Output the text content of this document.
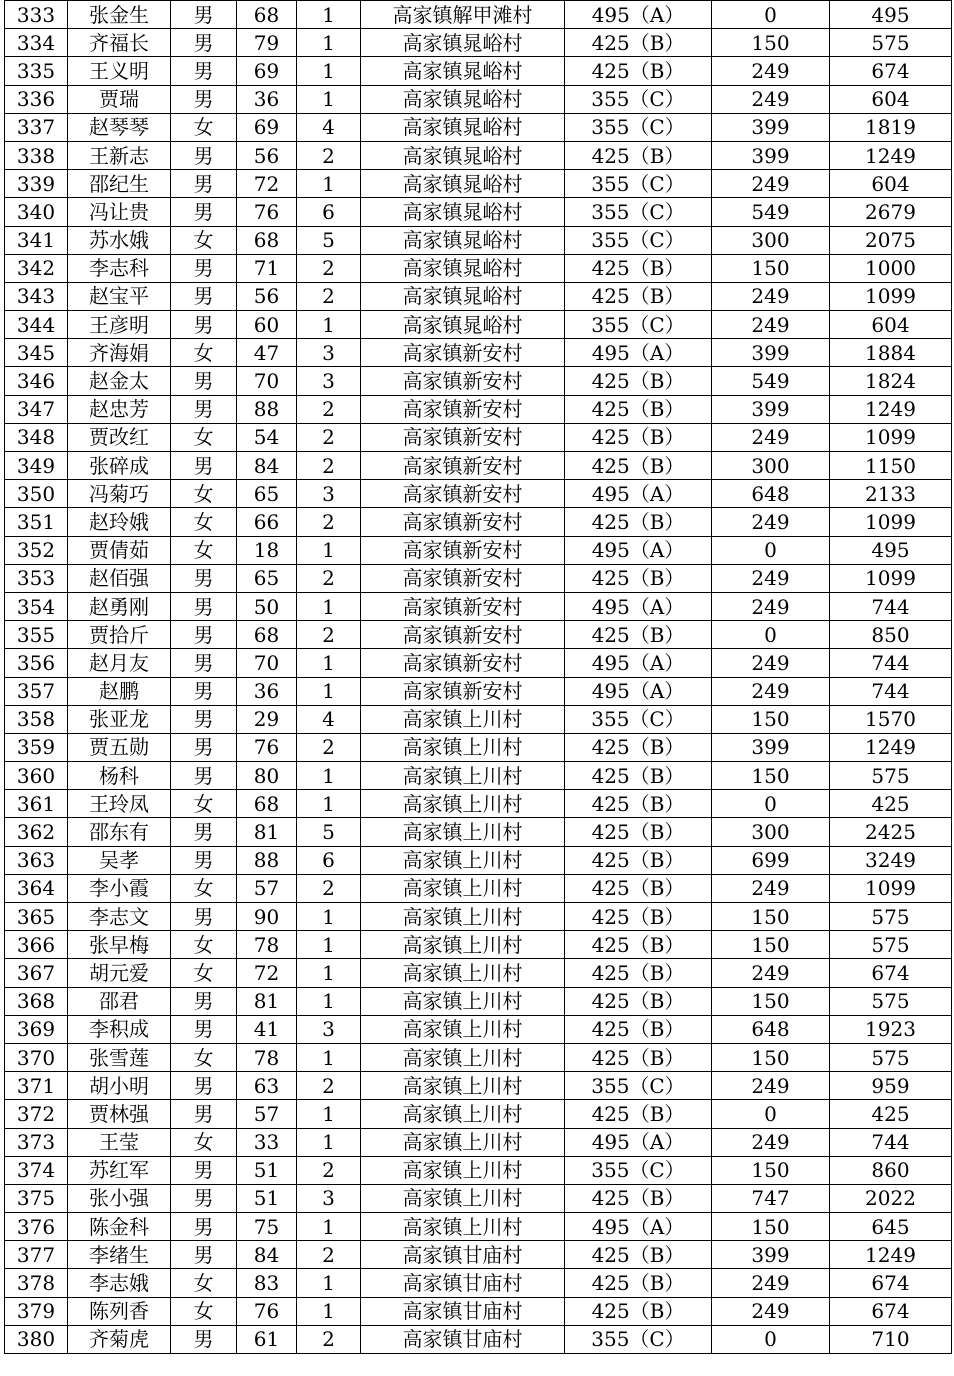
333	张金生	男	68	1	高家镇解甲滩村	495（A）	0	495
334	齐福长	男	79	1	高家镇晁峪村	425（B）	150	575
335	王义明	男	69	1	高家镇晁峪村	425（B）	249	674
336	贾瑞	男	36	1	高家镇晁峪村	355（C）	249	604
337	赵琴琴	女	69	4	高家镇晁峪村	355（C）	399	1819
338	王新志	男	56	2	高家镇晁峪村	425（B）	399	1249
339	邵纪生	男	72	1	高家镇晁峪村	355（C）	249	604
340	冯让贵	男	76	6	高家镇晁峪村	355（C）	549	2679
341	苏水娥	女	68	5	高家镇晁峪村	355（C）	300	2075
342	李志科	男	71	2	高家镇晁峪村	425（B）	150	1000
343	赵宝平	男	56	2	高家镇晁峪村	425（B）	249	1099
344	王彦明	男	60	1	高家镇晁峪村	355（C）	249	604
345	齐海娟	女	47	3	高家镇新安村	495（A）	399	1884
346	赵金太	男	70	3	高家镇新安村	425（B）	549	1824
347	赵忠芳	男	88	2	高家镇新安村	425（B）	399	1249
348	贾改红	女	54	2	高家镇新安村	425（B）	249	1099
349	张碎成	男	84	2	高家镇新安村	425（B）	300	1150
350	冯菊巧	女	65	3	高家镇新安村	495（A）	648	2133
351	赵玲娥	女	66	2	高家镇新安村	425（B）	249	1099
352	贾倩茹	女	18	1	高家镇新安村	495（A）	0	495
353	赵佰强	男	65	2	高家镇新安村	425（B）	249	1099
354	赵勇刚	男	50	1	高家镇新安村	495（A）	249	744
355	贾拾斤	男	68	2	高家镇新安村	425（B）	0	850
356	赵月友	男	70	1	高家镇新安村	495（A）	249	744
357	赵鹏	男	36	1	高家镇新安村	495（A）	249	744
358	张亚龙	男	29	4	高家镇上川村	355（C）	150	1570
359	贾五勋	男	76	2	高家镇上川村	425（B）	399	1249
360	杨科	男	80	1	高家镇上川村	425（B）	150	575
361	王玲凤	女	68	1	高家镇上川村	425（B）	0	425
362	邵东有	男	81	5	高家镇上川村	425（B）	300	2425
363	吴孝	男	88	6	高家镇上川村	425（B）	699	3249
364	李小霞	女	57	2	高家镇上川村	425（B）	249	1099
365	李志文	男	90	1	高家镇上川村	425（B）	150	575
366	张早梅	女	78	1	高家镇上川村	425（B）	150	575
367	胡元爱	女	72	1	高家镇上川村	425（B）	249	674
368	邵君	男	81	1	高家镇上川村	425（B）	150	575
369	李积成	男	41	3	高家镇上川村	425（B）	648	1923
370	张雪莲	女	78	1	高家镇上川村	425（B）	150	575
371	胡小明	男	63	2	高家镇上川村	355（C）	249	959
372	贾林强	男	57	1	高家镇上川村	425（B）	0	425
373	王莹	女	33	1	高家镇上川村	495（A）	249	744
374	苏红军	男	51	2	高家镇上川村	355（C）	150	860
375	张小强	男	51	3	高家镇上川村	425（B）	747	2022
376	陈金科	男	75	1	高家镇上川村	495（A）	150	645
377	李绪生	男	84	2	高家镇甘庙村	425（B）	399	1249
378	李志娥	女	83	1	高家镇甘庙村	425（B）	249	674
379	陈列香	女	76	1	高家镇甘庙村	425（B）	249	674
380	齐菊虎	男	61	2	高家镇甘庙村	355（C）	0	710
